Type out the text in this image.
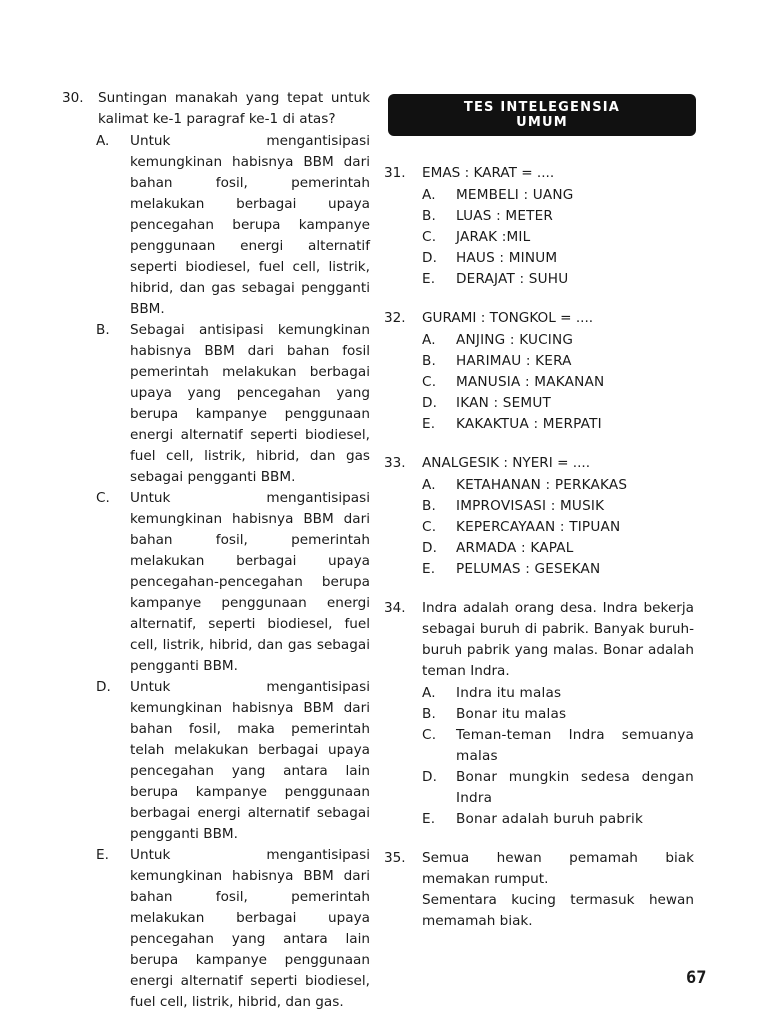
30. Suntingan manakah yang tepat untuk kalimat ke-1 paragraf ke-1 di atas?
A. Untuk mengantisipasi kemungkinan habisnya BBM dari bahan fosil, pemerintah melakukan berbagai upaya pencegahan berupa kampanye penggunaan energi alternatif seperti biodiesel, fuel cell, listrik, hibrid, dan gas sebagai pengganti BBM.
B. Sebagai antisipasi kemungkinan habisnya BBM dari bahan fosil pemerintah melakukan berbagai upaya yang pencegahan yang berupa kampanye penggunaan energi alternatif seperti biodiesel, fuel cell, listrik, hibrid, dan gas sebagai pengganti BBM.
C. Untuk mengantisipasi kemungkinan habisnya BBM dari bahan fosil, pemerintah melakukan berbagai upaya pencegahan-pencegahan berupa kampanye penggunaan energi alternatif, seperti biodiesel, fuel cell, listrik, hibrid, dan gas sebagai pengganti BBM.
D. Untuk mengantisipasi kemungkinan habisnya BBM dari bahan fosil, maka pemerintah telah melakukan berbagai upaya pencegahan yang antara lain berupa kampanye penggunaan berbagai energi alternatif sebagai pengganti BBM.
E. Untuk mengantisipasi kemungkinan habisnya BBM dari bahan fosil, pemerintah melakukan berbagai upaya pencegahan yang antara lain berupa kampanye penggunaan energi alternatif seperti biodiesel, fuel cell, listrik, hibrid, dan gas.
TES INTELEGENSIA
UMUM
31. EMAS : KARAT = ....
A. MEMBELI : UANG
B. LUAS : METER
C. JARAK :MIL
D. HAUS : MINUM
E. DERAJAT : SUHU
32. GURAMI : TONGKOL = ....
A. ANJING : KUCING
B. HARIMAU : KERA
C. MANUSIA : MAKANAN
D. IKAN : SEMUT
E. KAKAKTUA : MERPATI
33. ANALGESIK : NYERI = ....
A. KETAHANAN : PERKAKAS
B. IMPROVISASI : MUSIK
C. KEPERCAYAAN : TIPUAN
D. ARMADA : KAPAL
E. PELUMAS : GESEKAN
34. Indra adalah orang desa. Indra bekerja sebagai buruh di pabrik. Banyak buruh-buruh pabrik yang malas. Bonar adalah teman Indra.
A. Indra itu malas
B. Bonar itu malas
C. Teman-teman Indra semuanya malas
D. Bonar mungkin sedesa dengan Indra
E. Bonar adalah buruh pabrik
35. Semua hewan pemamah biak memakan rumput.
Sementara kucing termasuk hewan memamah biak.
67
